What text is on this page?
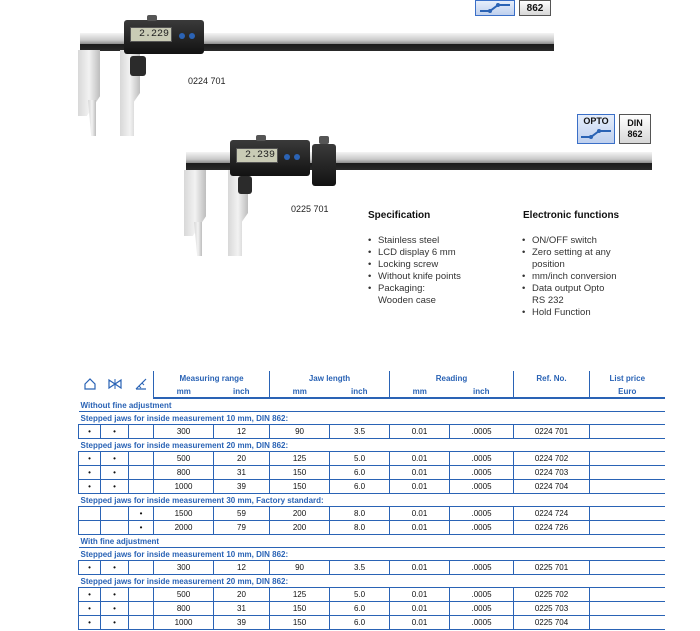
2.229
0224 701
862
2.239
0225 701
OPTO	DIN
862
Specification
• Stainless steel
• LCD display 6 mm
• Locking screw
• Without knife points
• Packaging:
Wooden case
Electronic functions
• ON/OFF switch
• Zero setting at any
position
• mm/inch conversion
• Data output Opto
RS 232
• Hold Function
			Measuring range		Jaw length		Reading		Ref. No.	List price
			mm	inch	mm	inch	mm	inch		Euro
Without fine adjustment										
Stepped jaws for inside measurement 10 mm, DIN 862:										
•	•		300	12	90	3.5	0.01	.0005	0224 701	
Stepped jaws for inside measurement 20 mm, DIN 862:										
•	•		500	20	125	5.0	0.01	.0005	0224 702	
•	•		800	31	150	6.0	0.01	.0005	0224 703	
•	•		1000	39	150	6.0	0.01	.0005	0224 704	
Stepped jaws for inside measurement 30 mm, Factory standard:										
		•	1500	59	200	8.0	0.01	.0005	0224 724	
		•	2000	79	200	8.0	0.01	.0005	0224 726	
With fine adjustment										
Stepped jaws for inside measurement 10 mm, DIN 862:										
•	•		300	12	90	3.5	0.01	.0005	0225 701	
Stepped jaws for inside measurement 20 mm, DIN 862:										
•	•		500	20	125	5.0	0.01	.0005	0225 702	
•	•		800	31	150	6.0	0.01	.0005	0225 703	
•	•		1000	39	150	6.0	0.01	.0005	0225 704	
